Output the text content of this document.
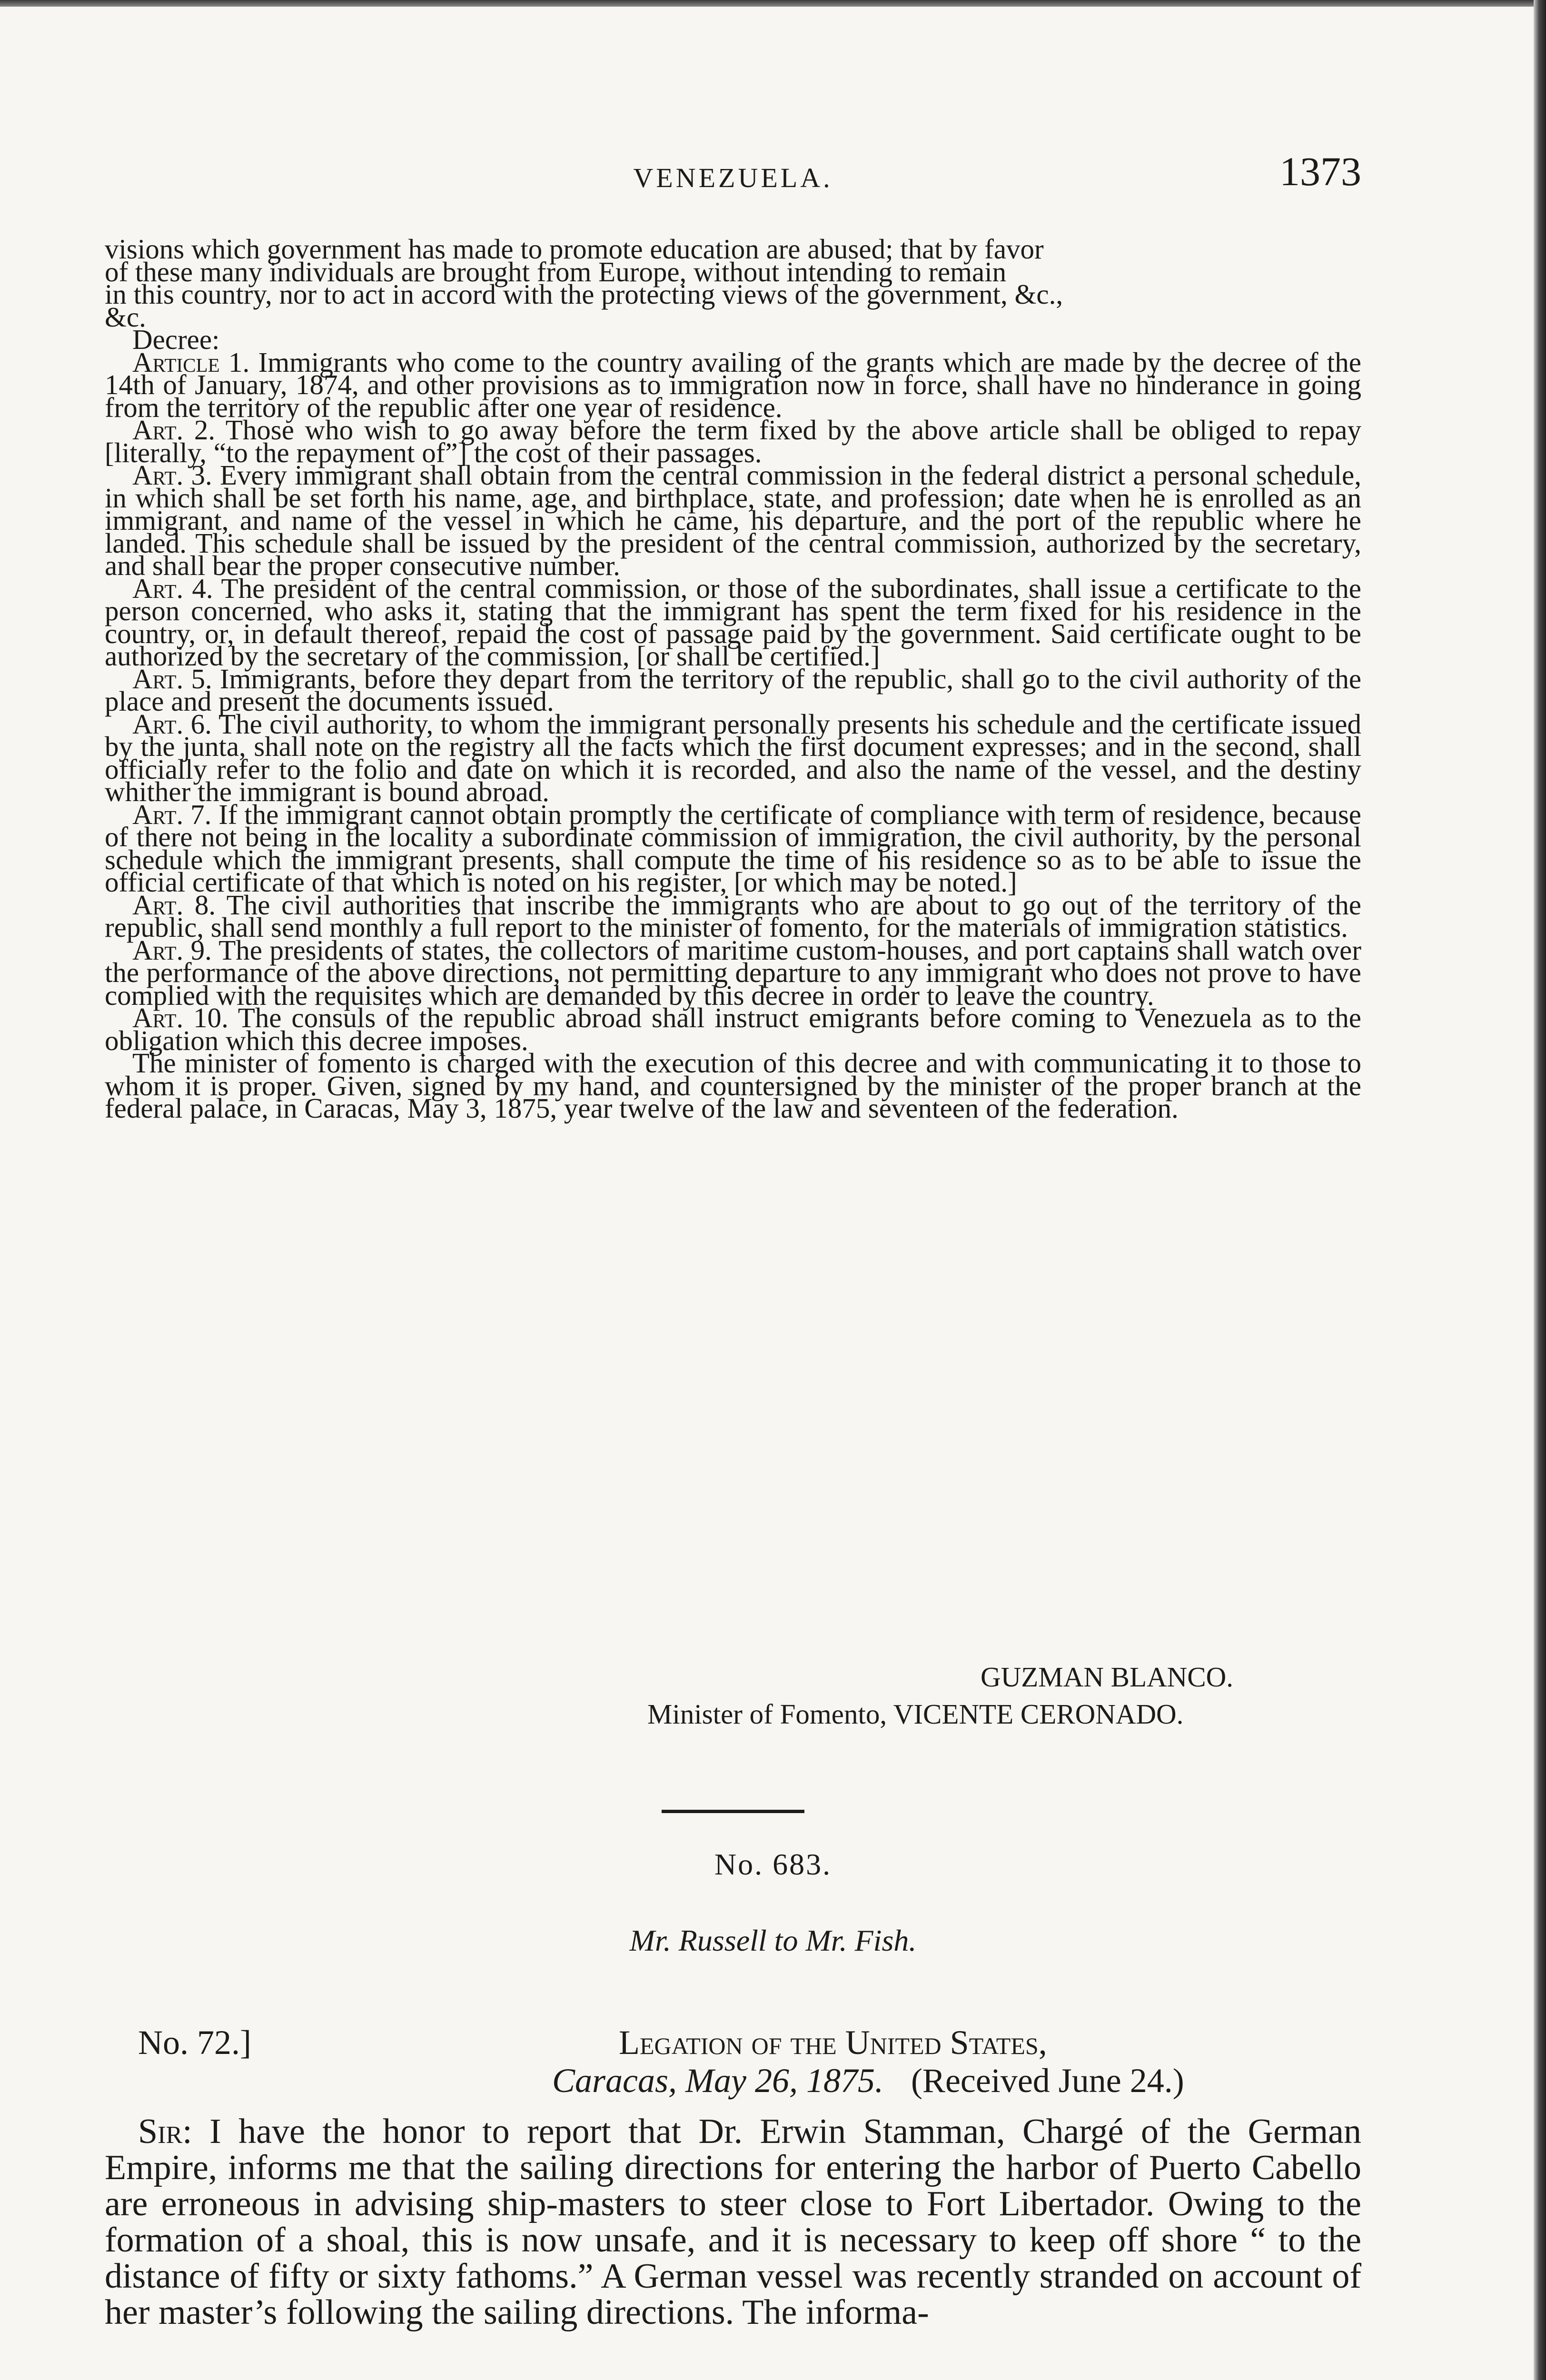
VENEZUELA.	1373

visions which government has made to promote education are abused; that by favor

of these many individuals are brought from Europe, without intending to remain

in this country, nor to act in accord with the protecting views of the government, &c.,

&c.

Decree:

Article 1. Immigrants who come to the country availing of the grants which are made by the decree of the 14th of January, 1874, and other provisions as to immigration now in force, shall have no hinderance in going from the territory of the republic after one year of residence.

Art. 2. Those who wish to go away before the term fixed by the above article shall be obliged to repay [literally, “to the repayment of”] the cost of their passages.

Art. 3. Every immigrant shall obtain from the central commission in the federal district a personal schedule, in which shall be set forth his name, age, and birthplace, state, and profession; date when he is enrolled as an immigrant, and name of the vessel in which he came, his departure, and the port of the republic where he landed. This schedule shall be issued by the president of the central commission, authorized by the secretary, and shall bear the proper consecutive number.

Art. 4. The president of the central commission, or those of the subordinates, shall issue a certificate to the person concerned, who asks it, stating that the immigrant has spent the term fixed for his residence in the country, or, in default thereof, repaid the cost of passage paid by the government. Said certificate ought to be authorized by the secretary of the commission, [or shall be certified.]

Art. 5. Immigrants, before they depart from the territory of the republic, shall go to the civil authority of the place and present the documents issued.

Art. 6. The civil authority, to whom the immigrant personally presents his schedule and the certificate issued by the junta, shall note on the registry all the facts which the first document expresses; and in the second, shall officially refer to the folio and date on which it is recorded, and also the name of the vessel, and the destiny whither the immigrant is bound abroad.

Art. 7. If the immigrant cannot obtain promptly the certificate of compliance with term of residence, because of there not being in the locality a subordinate commission of immigration, the civil authority, by the personal schedule which the immigrant presents, shall compute the time of his residence so as to be able to issue the official certificate of that which is noted on his register, [or which may be noted.]

Art. 8. The civil authorities that inscribe the immigrants who are about to go out of the territory of the republic, shall send monthly a full report to the minister of fomento, for the materials of immigration statistics.

Art. 9. The presidents of states, the collectors of maritime custom-houses, and port captains shall watch over the performance of the above directions, not permitting departure to any immigrant who does not prove to have complied with the requisites which are demanded by this decree in order to leave the country.

Art. 10. The consuls of the republic abroad shall instruct emigrants before coming to Venezuela as to the obligation which this decree imposes.

The minister of fomento is charged with the execution of this decree and with communicating it to those to whom it is proper. Given, signed by my hand, and countersigned by the minister of the proper branch at the federal palace, in Caracas, May 3, 1875, year twelve of the law and seventeen of the federation.

GUZMAN BLANCO.
Minister of Fomento, VICENTE CERONADO.
No. 683.
Mr. Russell to Mr. Fish.
No. 72.]	Legation of the United States,
Caracas, May 26, 1875. (Received June 24.)

Sir: I have the honor to report that Dr. Erwin Stamman, Chargé of the German Empire, informs me that the sailing directions for entering the harbor of Puerto Cabello are erroneous in advising ship-masters to steer close to Fort Libertador. Owing to the formation of a shoal, this is now unsafe, and it is necessary to keep off shore “ to the distance of fifty or sixty fathoms.” A German vessel was recently stranded on account of her master’s following the sailing directions. The informa-
